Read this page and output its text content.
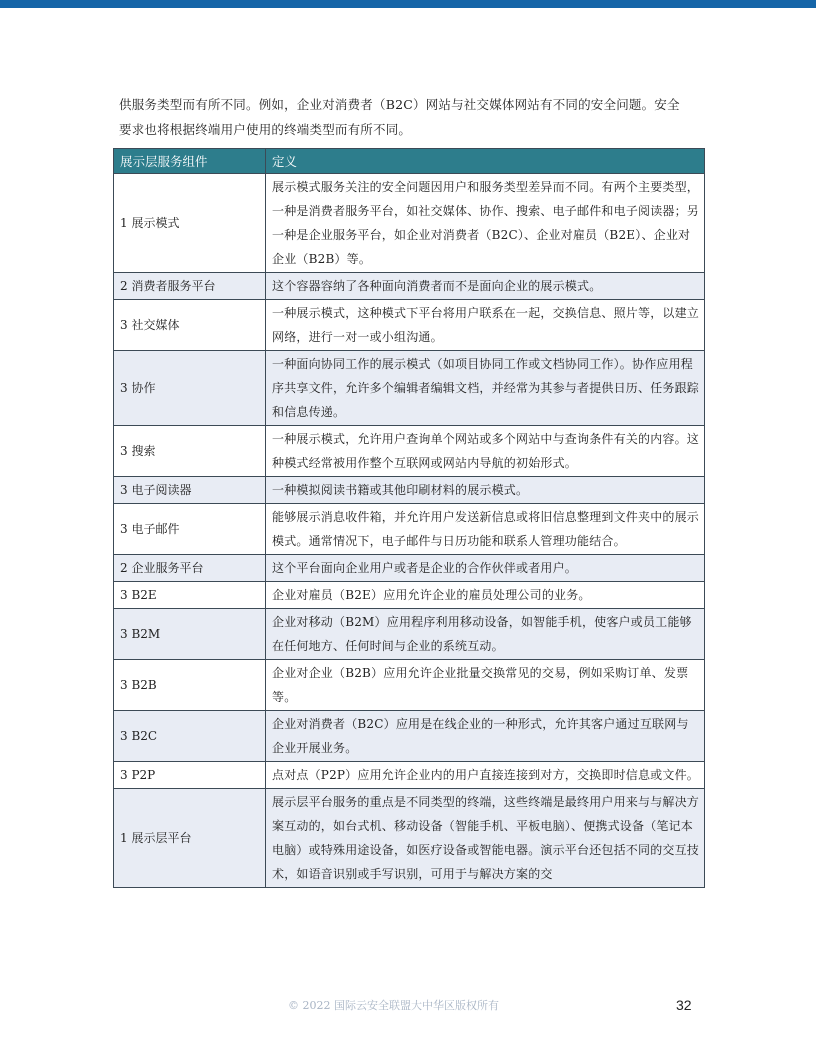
供服务类型而有所不同。例如，企业对消费者（B2C）网站与社交媒体网站有不同的安全问题。安全
要求也将根据终端用户使用的终端类型而有所不同。
展示层服务组件	定义
1 展示模式	展示模式服务关注的安全问题因用户和服务类型差异而不同。有两个主要类型，一种是消费者服务平台，如社交媒体、协作、搜索、电子邮件和电子阅读器；另一种是企业服务平台，如企业对消费者（B2C）、企业对雇员（B2E）、企业对企业（B2B）等。
2 消费者服务平台	这个容器容纳了各种面向消费者而不是面向企业的展示模式。
3 社交媒体	一种展示模式，这种模式下平台将用户联系在一起，交换信息、照片等，以建立网络，进行一对一或小组沟通。
3 协作	一种面向协同工作的展示模式（如项目协同工作或文档协同工作）。协作应用程序共享文件，允许多个编辑者编辑文档，并经常为其参与者提供日历、任务跟踪和信息传递。
3 搜索	一种展示模式，允许用户查询单个网站或多个网站中与查询条件有关的内容。这种模式经常被用作整个互联网或网站内导航的初始形式。
3 电子阅读器	一种模拟阅读书籍或其他印刷材料的展示模式。
3 电子邮件	能够展示消息收件箱，并允许用户发送新信息或将旧信息整理到文件夹中的展示模式。通常情况下，电子邮件与日历功能和联系人管理功能结合。
2 企业服务平台	这个平台面向企业用户或者是企业的合作伙伴或者用户。
3 B2E	企业对雇员（B2E）应用允许企业的雇员处理公司的业务。
3 B2M	企业对移动（B2M）应用程序利用移动设备，如智能手机，使客户或员工能够在任何地方、任何时间与企业的系统互动。
3 B2B	企业对企业（B2B）应用允许企业批量交换常见的交易，例如采购订单、发票等。
3 B2C	企业对消费者（B2C）应用是在线企业的一种形式，允许其客户通过互联网与企业开展业务。
3 P2P	点对点（P2P）应用允许企业内的用户直接连接到对方，交换即时信息或文件。
1 展示层平台	展示层平台服务的重点是不同类型的终端，这些终端是最终用户用来与与解决方案互动的，如台式机、移动设备（智能手机、平板电脑）、便携式设备（笔记本电脑）或特殊用途设备，如医疗设备或智能电器。演示平台还包括不同的交互技术，如语音识别或手写识别，可用于与解决方案的交
© 2022 国际云安全联盟大中华区版权所有	32
